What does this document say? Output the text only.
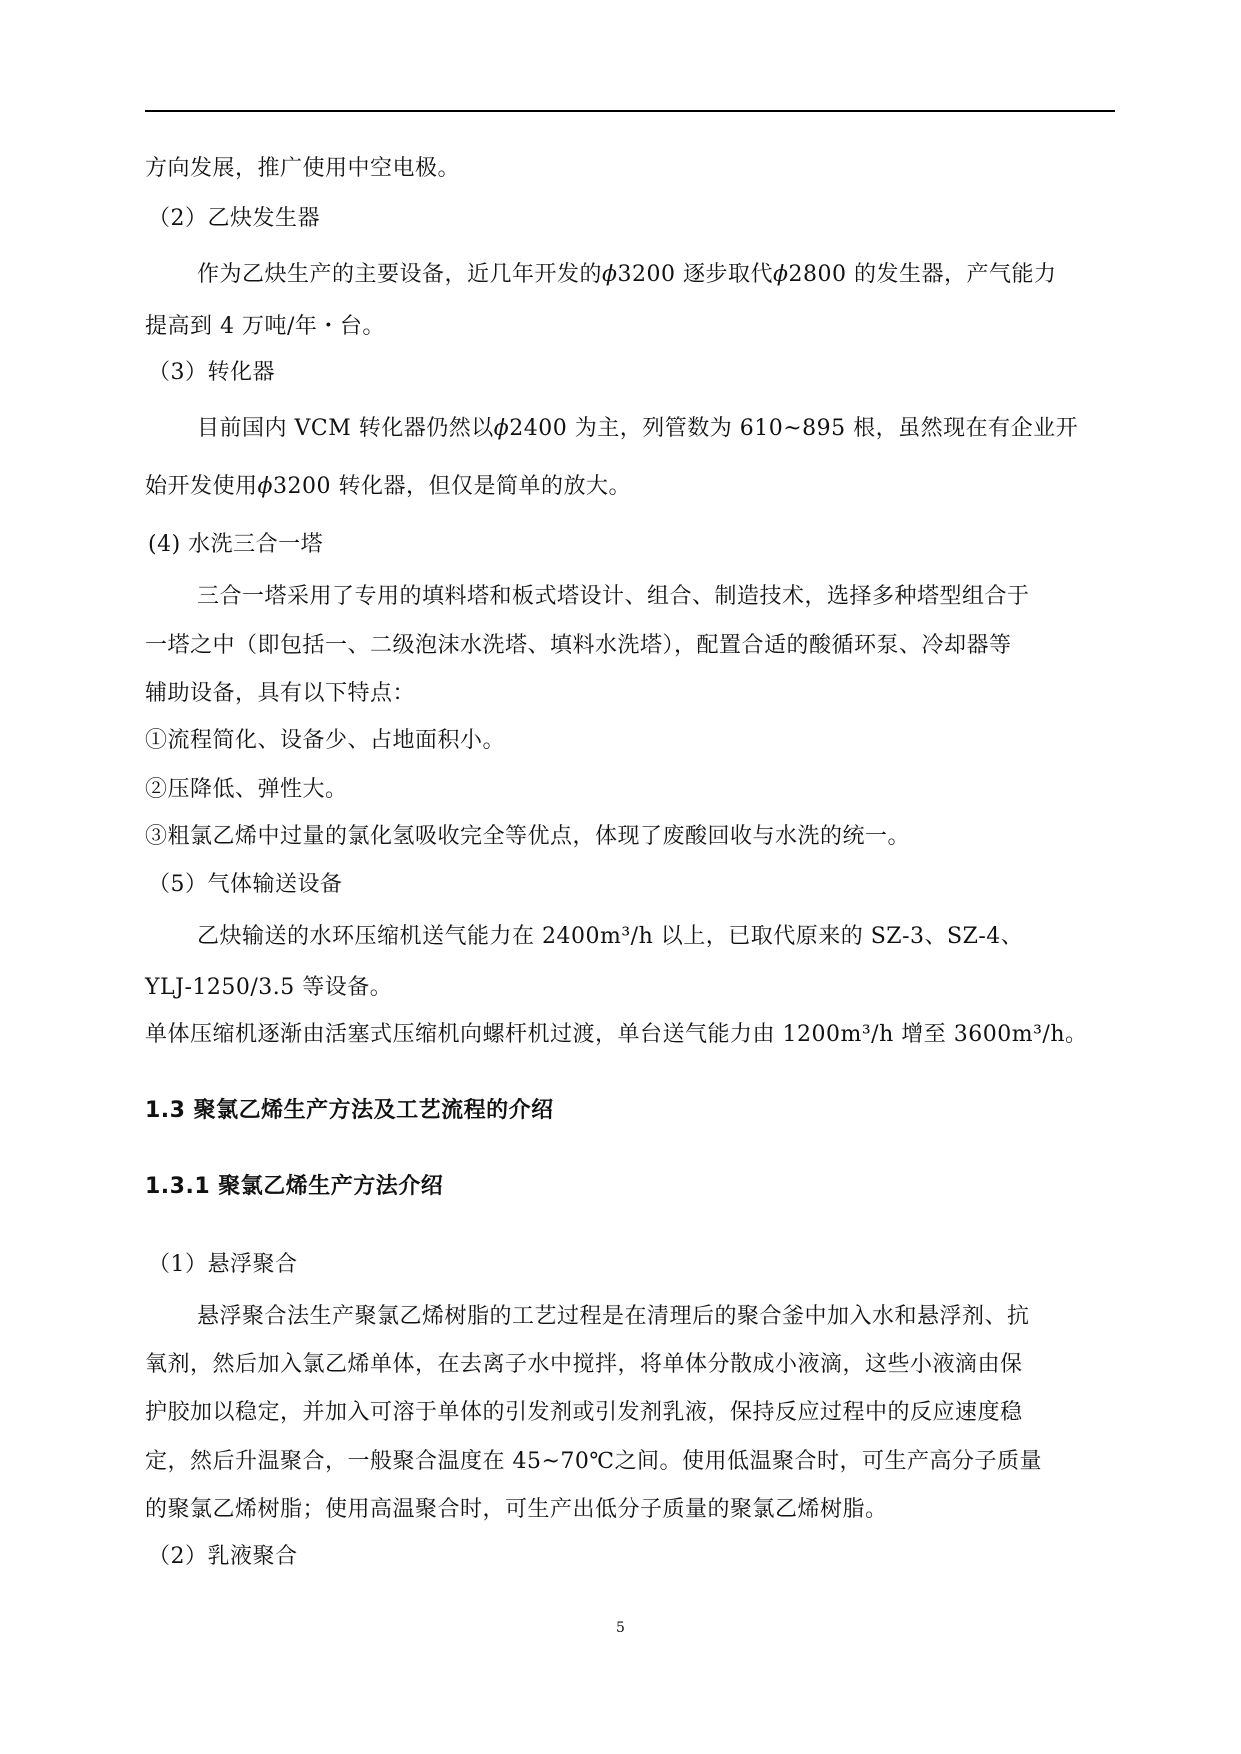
方向发展，推广使用中空电极。
（2）乙炔发生器
作为乙炔生产的主要设备，近几年开发的ϕ3200 逐步取代ϕ2800 的发生器，产气能力
提高到 4 万吨/年・台。
（3）转化器
目前国内 VCM 转化器仍然以ϕ2400 为主，列管数为 610~895 根，虽然现在有企业开
始开发使用ϕ3200 转化器，但仅是简单的放大。
(4) 水洗三合一塔
三合一塔采用了专用的填料塔和板式塔设计、组合、制造技术，选择多种塔型组合于
一塔之中（即包括一、二级泡沫水洗塔、填料水洗塔），配置合适的酸循环泵、冷却器等
辅助设备，具有以下特点：
①流程简化、设备少、占地面积小。
②压降低、弹性大。
③粗氯乙烯中过量的氯化氢吸收完全等优点，体现了废酸回收与水洗的统一。
（5）气体输送设备
乙炔输送的水环压缩机送气能力在 2400m³/h 以上，已取代原来的 SZ-3、SZ-4、
YLJ-1250/3.5 等设备。
单体压缩机逐渐由活塞式压缩机向螺杆机过渡，单台送气能力由 1200m³/h 增至 3600m³/h。
1.3 聚氯乙烯生产方法及工艺流程的介绍
1.3.1 聚氯乙烯生产方法介绍
（1）悬浮聚合
悬浮聚合法生产聚氯乙烯树脂的工艺过程是在清理后的聚合釜中加入水和悬浮剂、抗
氧剂，然后加入氯乙烯单体，在去离子水中搅拌，将单体分散成小液滴，这些小液滴由保
护胶加以稳定，并加入可溶于单体的引发剂或引发剂乳液，保持反应过程中的反应速度稳
定，然后升温聚合，一般聚合温度在 45~70℃之间。使用低温聚合时，可生产高分子质量
的聚氯乙烯树脂；使用高温聚合时，可生产出低分子质量的聚氯乙烯树脂。
（2）乳液聚合
5
